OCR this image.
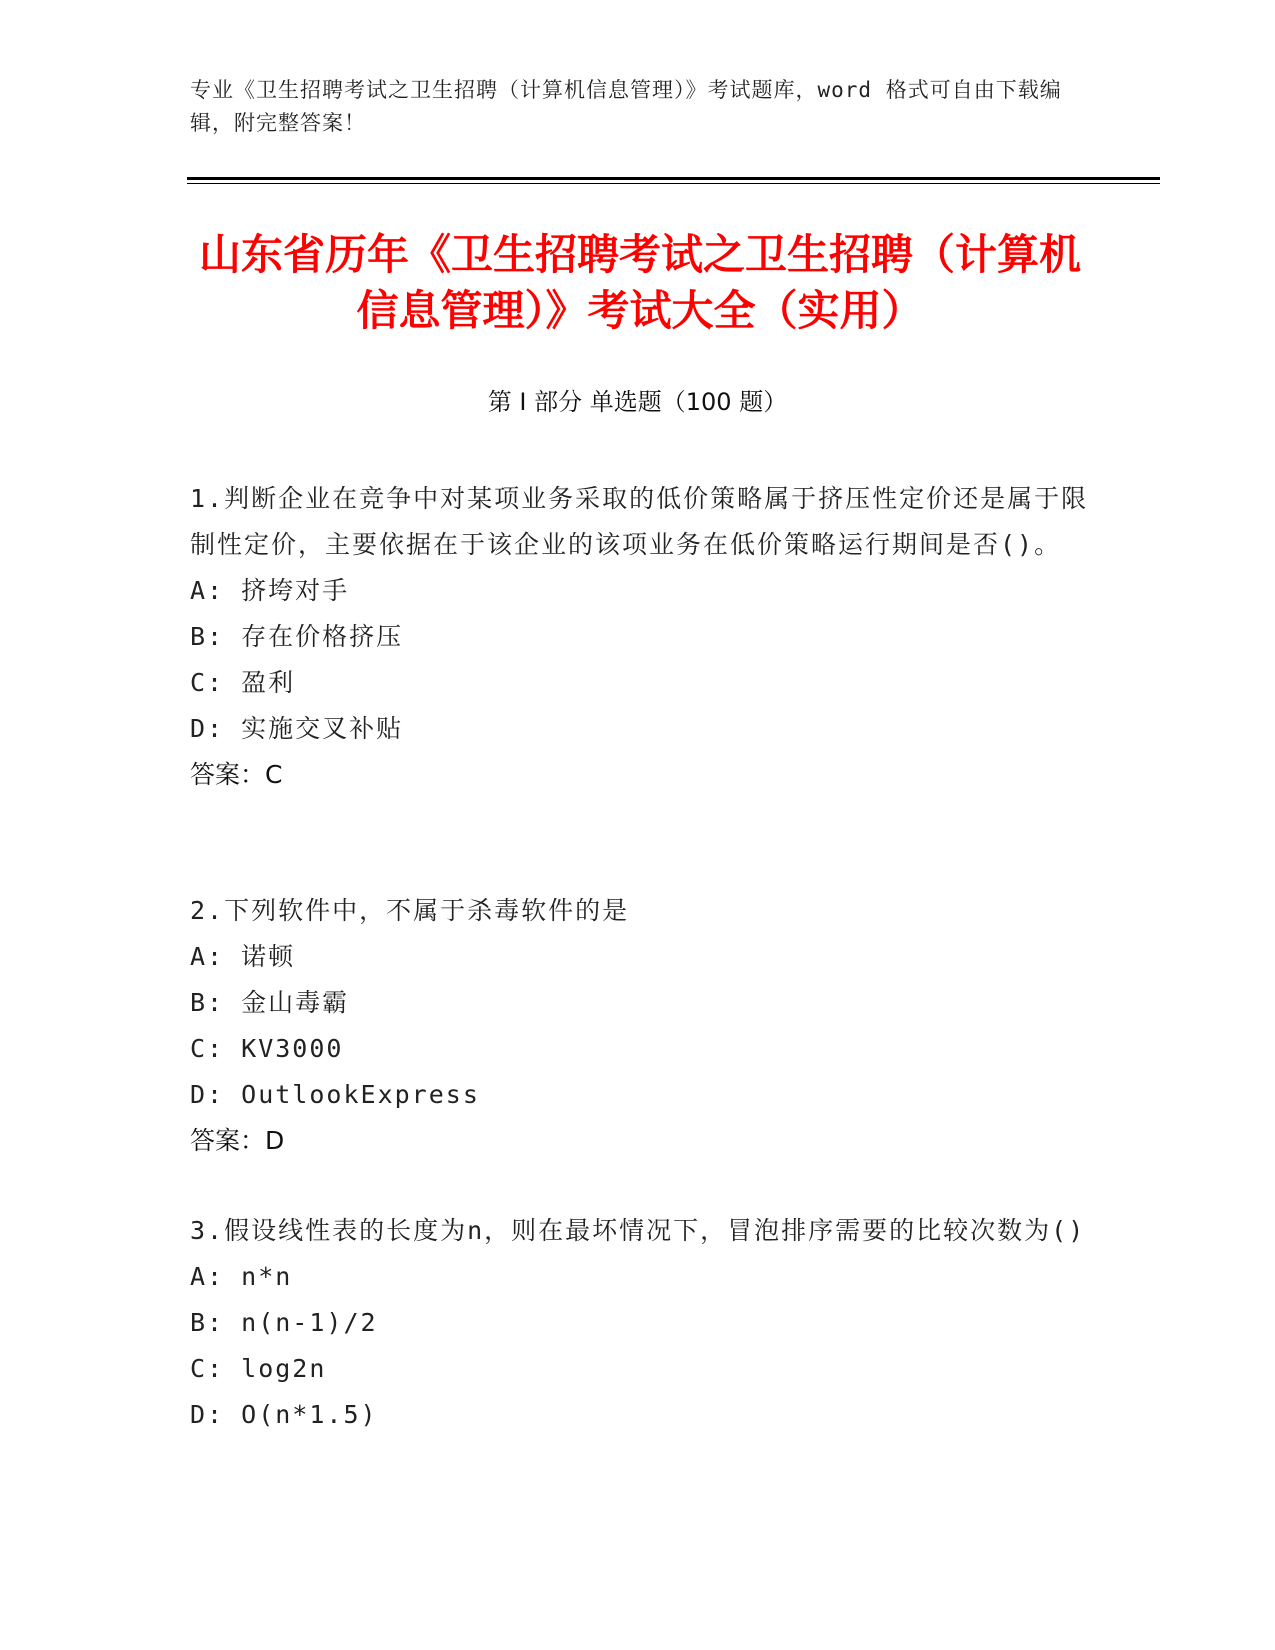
专业《卫生招聘考试之卫生招聘（计算机信息管理）》考试题库，word 格式可自由下载编辑，附完整答案！
山东省历年《卫生招聘考试之卫生招聘（计算机信息管理）》考试大全（实用）
第 I 部分 单选题（100 题）
1.判断企业在竞争中对某项业务采取的低价策略属于挤压性定价还是属于限制性定价，主要依据在于该企业的该项业务在低价策略运行期间是否()。
A: 挤垮对手
B: 存在价格挤压
C: 盈利
D: 实施交叉补贴
答案：C
2.下列软件中，不属于杀毒软件的是
A: 诺顿
B: 金山毒霸
C: KV3000
D: OutlookExpress
答案：D
3.假设线性表的长度为n，则在最坏情况下，冒泡排序需要的比较次数为()
A: n*n
B: n(n-1)/2
C: log2n
D: O(n*1.5)
